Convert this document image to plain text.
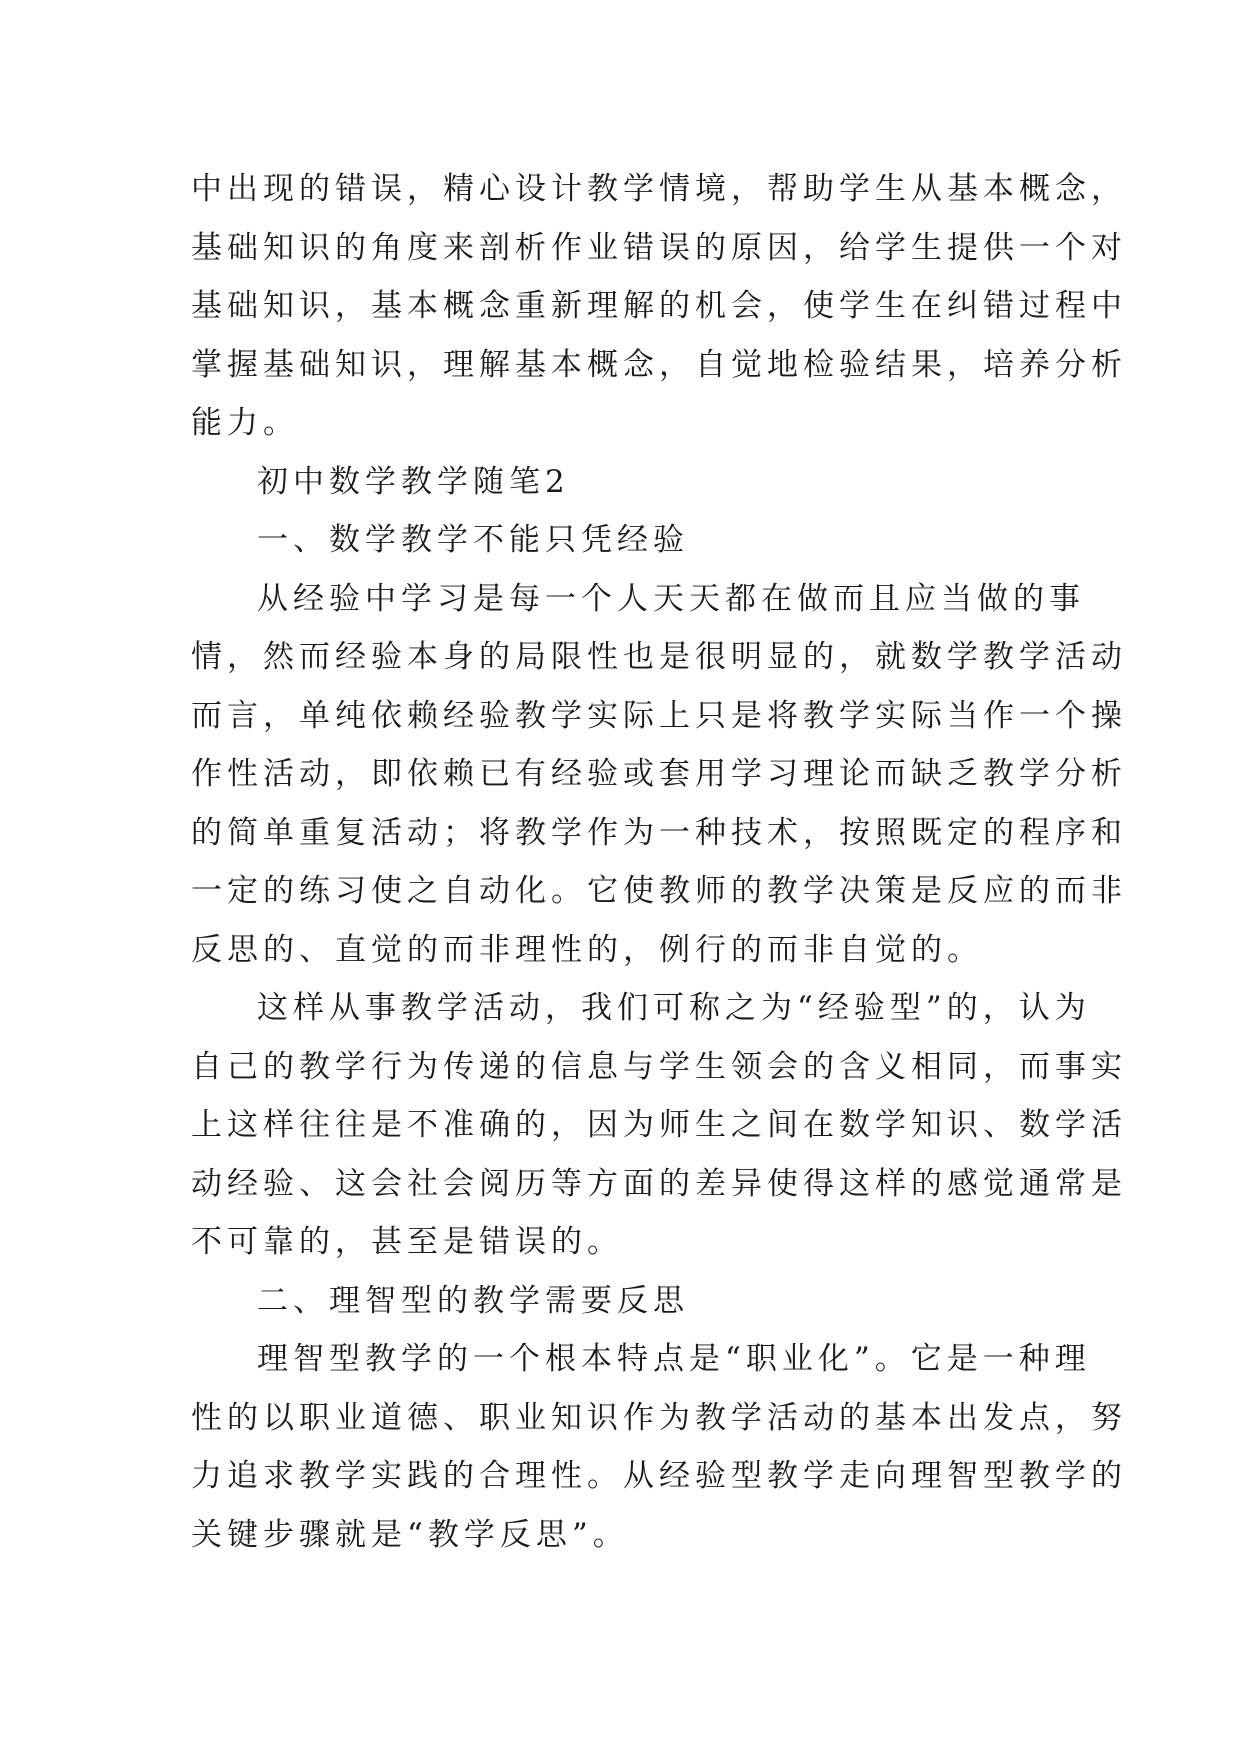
中出现的错误，精心设计教学情境，帮助学生从基本概念，
基础知识的角度来剖析作业错误的原因，给学生提供一个对
基础知识，基本概念重新理解的机会，使学生在纠错过程中
掌握基础知识，理解基本概念，自觉地检验结果，培养分析
能力。
初中数学教学随笔2
一、数学教学不能只凭经验
从经验中学习是每一个人天天都在做而且应当做的事
情，然而经验本身的局限性也是很明显的，就数学教学活动
而言，单纯依赖经验教学实际上只是将教学实际当作一个操
作性活动，即依赖已有经验或套用学习理论而缺乏教学分析
的简单重复活动；将教学作为一种技术，按照既定的程序和
一定的练习使之自动化。它使教师的教学决策是反应的而非
反思的、直觉的而非理性的，例行的而非自觉的。
这样从事教学活动，我们可称之为“经验型”的，认为
自己的教学行为传递的信息与学生领会的含义相同，而事实
上这样往往是不准确的，因为师生之间在数学知识、数学活
动经验、这会社会阅历等方面的差异使得这样的感觉通常是
不可靠的，甚至是错误的。
二、理智型的教学需要反思
理智型教学的一个根本特点是“职业化”。它是一种理
性的以职业道德、职业知识作为教学活动的基本出发点，努
力追求教学实践的合理性。从经验型教学走向理智型教学的
关键步骤就是“教学反思”。
